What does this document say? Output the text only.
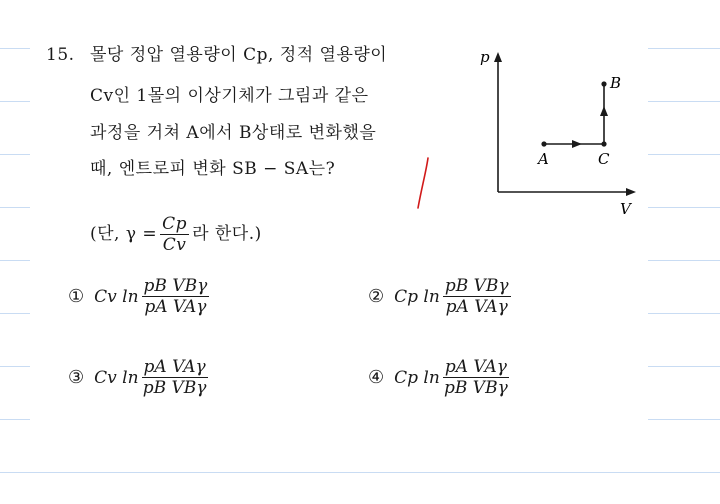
15. 몰당 정압 열용량이 Cp, 정적 열용량이
Cv인 1몰의 이상기체가 그림과 같은
과정을 거쳐 A에서 B상태로 변화했을
때, 엔트로피 변화 SB − SA는?
(단, $\gamma = \frac{Cp}{Cv}$ 라 한다.)
p
V
A	C
B
① Cv $\ln \frac{\text{pB VBγ}}{\text{pA VAγ}}$	② Cp $\ln \frac{\text{pB VBγ}}{\text{pA VAγ}}$
③ Cv $\ln \frac{\text{pA VAγ}}{\text{pB VBγ}}$	④ Cp $\ln \frac{\text{pA VAγ}}{\text{pB VBγ}}$
